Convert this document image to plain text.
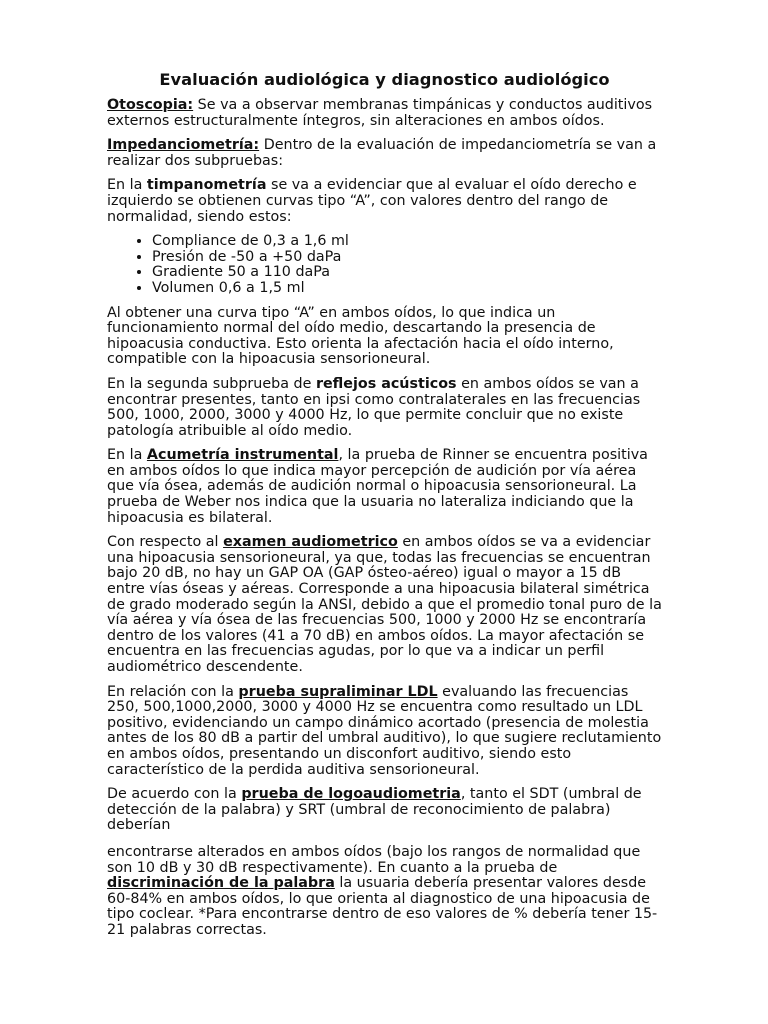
Evaluación audiológica y diagnostico audiológico

Otoscopia: Se va a observar membranas timpánicas y conductos auditivos externos estructuralmente íntegros, sin alteraciones en ambos oídos.

Impedanciometría: Dentro de la evaluación de impedanciometría se van a realizar dos subpruebas:

En la timpanometría se va a evidenciar que al evaluar el oído derecho e izquierdo se obtienen curvas tipo “A”, con valores dentro del rango de normalidad, siendo estos:

• Compliance de 0,3 a 1,6 ml
• Presión de -50 a +50 daPa
• Gradiente 50 a 110 daPa
• Volumen 0,6 a 1,5 ml

Al obtener una curva tipo “A” en ambos oídos, lo que indica un funcionamiento normal del oído medio, descartando la presencia de hipoacusia conductiva. Esto orienta la afectación hacia el oído interno, compatible con la hipoacusia sensorioneural.

En la segunda subprueba de reflejos acústicos en ambos oídos se van a encontrar presentes, tanto en ipsi como contralaterales en las frecuencias 500, 1000, 2000, 3000 y 4000 Hz, lo que permite concluir que no existe patología atribuible al oído medio.

En la Acumetría instrumental, la prueba de Rinner se encuentra positiva en ambos oídos lo que indica mayor percepción de audición por vía aérea que vía ósea, además de audición normal o hipoacusia sensorioneural. La prueba de Weber nos indica que la usuaria no lateraliza indiciando que la hipoacusia es bilateral.

Con respecto al examen audiometrico en ambos oídos se va a evidenciar una hipoacusia sensorioneural, ya que, todas las frecuencias se encuentran bajo 20 dB, no hay un GAP OA (GAP ósteo-aéreo) igual o mayor a 15 dB entre vías óseas y aéreas. Corresponde a una hipoacusia bilateral simétrica de grado moderado según la ANSI, debido a que el promedio tonal puro de la vía aérea y vía ósea de las frecuencias 500, 1000 y 2000 Hz se encontraría dentro de los valores (41 a 70 dB) en ambos oídos. La mayor afectación se encuentra en las frecuencias agudas, por lo que va a indicar un perfil audiométrico descendente.

En relación con la prueba supraliminar LDL evaluando las frecuencias 250, 500,1000,2000, 3000 y 4000 Hz se encuentra como resultado un LDL positivo, evidenciando un campo dinámico acortado (presencia de molestia antes de los 80 dB a partir del umbral auditivo), lo que sugiere reclutamiento en ambos oídos, presentando un disconfort auditivo, siendo esto característico de la perdida auditiva sensorioneural.

De acuerdo con la prueba de logoaudiometria, tanto el SDT (umbral de detección de la palabra) y SRT (umbral de reconocimiento de palabra) deberían

encontrarse alterados en ambos oídos (bajo los rangos de normalidad que son 10 dB y 30 dB respectivamente). En cuanto a la prueba de discriminación de la palabra la usuaria debería presentar valores desde 60-84% en ambos oídos, lo que orienta al diagnostico de una hipoacusia de tipo coclear. *Para encontrarse dentro de eso valores de % debería tener 15-21 palabras correctas.
